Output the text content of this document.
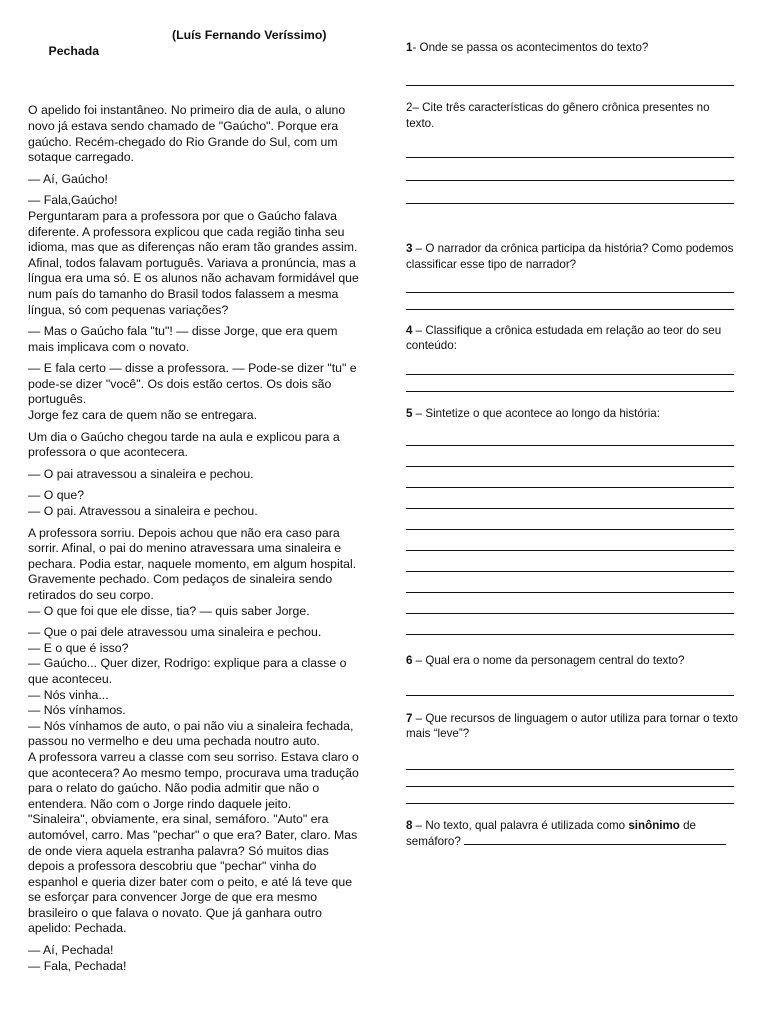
Pechada

(Luís Fernando Veríssimo)

O apelido foi instantâneo. No primeiro dia de aula, o aluno novo já estava sendo chamado de "Gaúcho". Porque era gaúcho. Recém-chegado do Rio Grande do Sul, com um sotaque carregado.

— Aí, Gaúcho!

— Fala,Gaúcho!

Perguntaram para a professora por que o Gaúcho falava diferente. A professora explicou que cada região tinha seu idioma, mas que as diferenças não eram tão grandes assim. Afinal, todos falavam português. Variava a pronúncia, mas a língua era uma só. E os alunos não achavam formidável que num país do tamanho do Brasil todos falassem a mesma língua, só com pequenas variações?

— Mas o Gaúcho fala "tu"! — disse Jorge, que era quem mais implicava com o novato.

— E fala certo — disse a professora. — Pode-se dizer "tu" e pode-se dizer "você". Os dois estão certos. Os dois são português.

Jorge fez cara de quem não se entregara.

Um dia o Gaúcho chegou tarde na aula e explicou para a professora o que acontecera.

— O pai atravessou a sinaleira e pechou.

— O que?

— O pai. Atravessou a sinaleira e pechou.

A professora sorriu. Depois achou que não era caso para sorrir. Afinal, o pai do menino atravessara uma sinaleira e pechara. Podia estar, naquele momento, em algum hospital. Gravemente pechado. Com pedaços de sinaleira sendo retirados do seu corpo.

— O que foi que ele disse, tia? — quis saber Jorge.

— Que o pai dele atravessou uma sinaleira e pechou.

— E o que é isso?

— Gaúcho... Quer dizer, Rodrigo: explique para a classe o que aconteceu.

— Nós vinha...

— Nós vínhamos.

— Nós vínhamos de auto, o pai não viu a sinaleira fechada, passou no vermelho e deu uma pechada noutro auto.

A professora varreu a classe com seu sorriso. Estava claro o que acontecera? Ao mesmo tempo, procurava uma tradução para o relato do gaúcho. Não podia admitir que não o entendera. Não com o Jorge rindo daquele jeito.

"Sinaleira", obviamente, era sinal, semáforo. "Auto" era automóvel, carro. Mas "pechar" o que era? Bater, claro. Mas de onde viera aquela estranha palavra? Só muitos dias depois a professora descobriu que "pechar" vinha do espanhol e queria dizer bater com o peito, e até lá teve que se esforçar para convencer Jorge de que era mesmo brasileiro o que falava o novato. Que já ganhara outro apelido: Pechada.

— Aí, Pechada!

— Fala, Pechada!

1- Onde se passa os acontecimentos do texto?
2– Cite três características do gênero crônica presentes no texto.
3 – O narrador da crônica participa da história? Como podemos classificar esse tipo de narrador?
4 – Classifique a crônica estudada em relação ao teor do seu conteúdo:
5 – Sintetize o que acontece ao longo da história:
6 – Qual era o nome da personagem central do texto?
7 – Que recursos de linguagem o autor utiliza para tornar o texto mais “leve”?
8 – No texto, qual palavra é utilizada como sinônimo de semáforo?
